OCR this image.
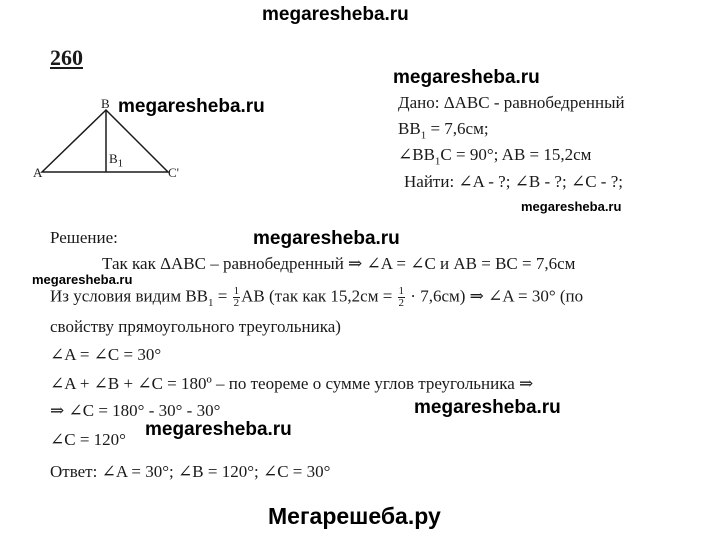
megaresheba.ru
megaresheba.ru
megaresheba.ru
megaresheba.ru
megaresheba.ru
megaresheba.ru
megaresheba.ru
megaresheba.ru
Мегарешеба.ру
260
B
A	C'
$B_1$
Дано: ΔABC - равнобедренный
$BB_1 = 7,6см$;
$\angle BB_1C = 90^\circ$; AB = 15,2см
Найти: ∠A - ?; ∠B - ?; ∠C - ?;
Решение:
Так как ΔABC – равнобедренный ⇒ ∠A = ∠C и AB = BC = 7,6см
Из условия видим $BB_1 = \frac{1}{2}$ AB (так как $15,2см = \frac{1}{2} \cdot 7,6см$) ⇒ ∠A = 30° (по
свойству прямоугольного треугольника)
∠A = ∠C = 30°
∠A + ∠B + ∠C = 180º – по теореме о сумме углов треугольника ⇒
⇒ ∠C = 180° - 30° - 30°
∠C = 120°
Ответ: ∠A = 30°; ∠B = 120°; ∠C = 30°
